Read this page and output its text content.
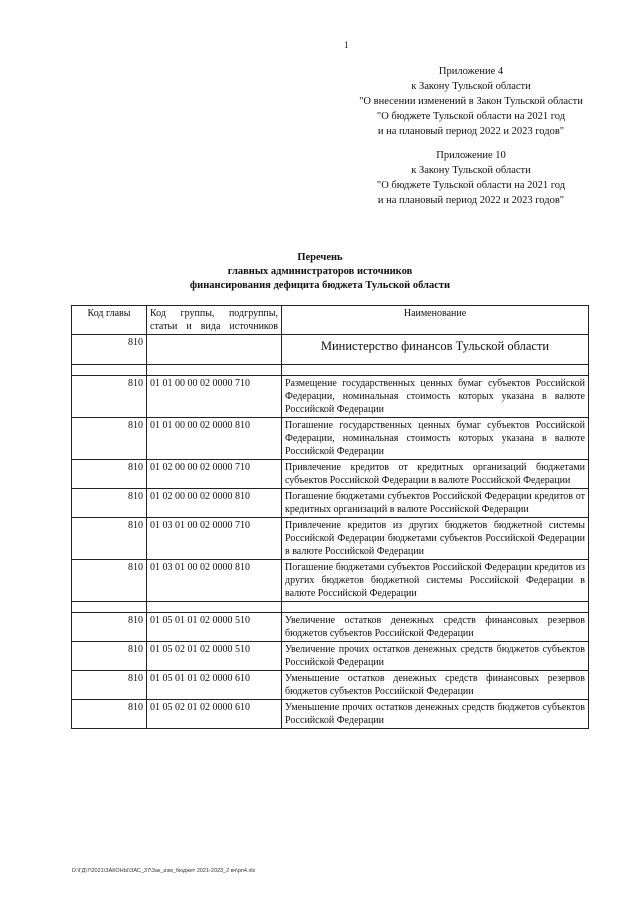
1
Приложение 4
к Закону Тульской области
"О внесении изменений в Закон Тульской области
"О бюджете Тульской области на 2021 год
и на плановый период 2022 и 2023 годов"
Приложение 10
к Закону Тульской области
"О бюджете Тульской области на 2021 год
и на плановый период 2022 и 2023 годов"
Перечень
главных администраторов источников
финансирования дефицита бюджета Тульской области
Код главы	Код группы, подгруппы, статьи и вида источников	Наименование
810		Министерство финансов Тульской области

810	01 01 00 00 02 0000 710	Размещение государственных ценных бумаг субъектов Российской Федерации, номинальная стоимость которых указана в валюте Российской Федерации
810	01 01 00 00 02 0000 810	Погашение государственных ценных бумаг субъектов Российской Федерации, номинальная стоимость которых указана в валюте Российской Федерации
810	01 02 00 00 02 0000 710	Привлечение кредитов от кредитных организаций бюджетами субъектов Российской Федерации в валюте Российской Федерации
810	01 02 00 00 02 0000 810	Погашение бюджетами субъектов Российской Федерации кредитов от кредитных организаций в валюте Российской Федерации
810	01 03 01 00 02 0000 710	Привлечение кредитов из других бюджетов бюджетной системы Российской Федерации бюджетами субъектов Российской Федерации в валюте Российской Федерации
810	01 03 01 00 02 0000 810	Погашение бюджетами субъектов Российской Федерации кредитов из других бюджетов бюджетной системы Российской Федерации в валюте Российской Федерации

810	01 05 01 01 02 0000 510	Увеличение остатков денежных средств финансовых резервов бюджетов субъектов Российской Федерации
810	01 05 02 01 02 0000 510	Увеличение прочих остатков денежных средств бюджетов субъектов Российской Федерации
810	01 05 01 01 02 0000 610	Уменьшение остатков денежных средств финансовых резервов бюджетов субъектов Российской Федерации
810	01 05 02 01 02 0000 610	Уменьшение прочих остатков денежных средств бюджетов субъектов Российской Федерации
D:\ГД\7\2021\ЗАКОНЫ\ЗАС_37\Зак_изм_бюджет 2021-2023_2 вч\рп4.xls
